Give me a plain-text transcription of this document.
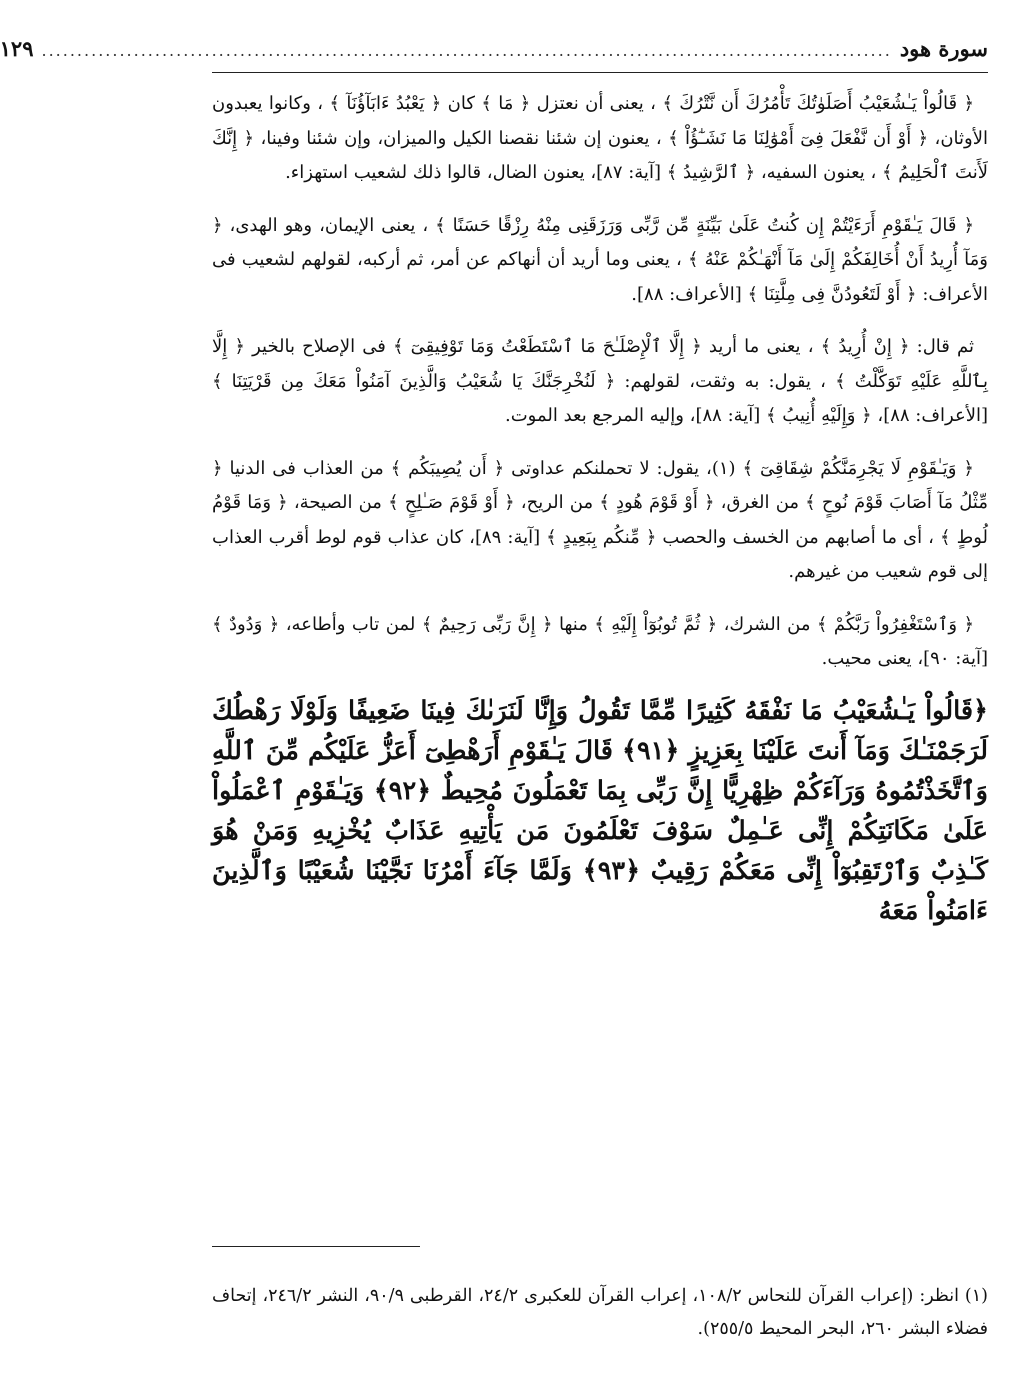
سورة هود
........................................................................................................................
١٢٩

﴿ قَالُواْ يَـٰشُعَيْبُ أَصَلَوٰتُكَ تَأْمُرُكَ أَن نَّتْرُكَ ﴾ ، يعنى أن نعتزل ﴿ مَا ﴾ كان ﴿ يَعْبُدُ ءَابَآؤُنَآ ﴾ ، وكانوا يعبدون الأوثان، ﴿ أَوْ أَن نَّفْعَلَ فِىٓ أَمْوَٰلِنَا مَا نَشَـٰٓؤُاْ ﴾ ، يعنون إن شئنا نقصنا الكيل والميزان، وإن شئنا وفينا، ﴿ إِنَّكَ لَأَنتَ ٱلْحَلِيمُ ﴾ ، يعنون السفيه، ﴿ ٱلرَّشِيدُ ﴾ [آية: ٨٧]، يعنون الضال، قالوا ذلك لشعيب استهزاء.

﴿ قَالَ يَـٰقَوْمِ أَرَءَيْتُمْ إِن كُنتُ عَلَىٰ بَيِّنَةٍ مِّن رَّبِّى وَرَزَقَنِى مِنْهُ رِزْقًا حَسَنًا ﴾ ، يعنى الإيمان، وهو الهدى، ﴿ وَمَآ أُرِيدُ أَنْ أُخَالِفَكُمْ إِلَىٰ مَآ أَنْهَـٰكُمْ عَنْهُ ﴾ ، يعنى وما أريد أن أنهاكم عن أمر، ثم أركبه، لقولهم لشعيب فى الأعراف: ﴿ أَوْ لَتَعُودُنَّ فِى مِلَّتِنَا ﴾ [الأعراف: ٨٨].

ثم قال: ﴿ إِنْ أُرِيدُ ﴾ ، يعنى ما أريد ﴿ إِلَّا ٱلْإِصْلَـٰحَ مَا ٱسْتَطَعْتُ وَمَا تَوْفِيقِىٓ ﴾ فى الإصلاح بالخير ﴿ إِلَّا بِٱللَّهِ عَلَيْهِ تَوَكَّلْتُ ﴾ ، يقول: به وثقت، لقولهم: ﴿ لَنُخْرِجَنَّكَ يَا شُعَيْبُ وَالَّذِينَ آمَنُواْ مَعَكَ مِن قَرْيَتِنَا ﴾ [الأعراف: ٨٨]، ﴿ وَإِلَيْهِ أُنِيبُ ﴾ [آية: ٨٨]، وإليه المرجع بعد الموت.

﴿ وَيَـٰقَوْمِ لَا يَجْرِمَنَّكُمْ شِقَاقِىٓ ﴾ (١)، يقول: لا تحملنكم عداوتى ﴿ أَن يُصِيبَكُم ﴾ من العذاب فى الدنيا ﴿ مِّثْلُ مَآ أَصَابَ قَوْمَ نُوحٍ ﴾ من الغرق، ﴿ أَوْ قَوْمَ هُودٍ ﴾ من الريح، ﴿ أَوْ قَوْمَ صَـٰلِحٍ ﴾ من الصيحة، ﴿ وَمَا قَوْمُ لُوطٍ ﴾ ، أى ما أصابهم من الخسف والحصب ﴿ مِّنكُم بِبَعِيدٍ ﴾ [آية: ٨٩]، كان عذاب قوم لوط أقرب العذاب إلى قوم شعيب من غيرهم.

﴿ وَٱسْتَغْفِرُواْ رَبَّكُمْ ﴾ من الشرك، ﴿ ثُمَّ تُوبُوٓاْ إِلَيْهِ ﴾ منها ﴿ إِنَّ رَبِّى رَحِيمٌ ﴾ لمن تاب وأطاعه، ﴿ وَدُودٌ ﴾ [آية: ٩٠]، يعنى محيب.

﴿قَالُواْ يَـٰشُعَيْبُ مَا نَفْقَهُ كَثِيرًا مِّمَّا تَقُولُ وَإِنَّا لَنَرَىٰكَ فِينَا ضَعِيفًا وَلَوْلَا رَهْطُكَ لَرَجَمْنَـٰكَ وَمَآ أَنتَ عَلَيْنَا بِعَزِيزٍ ﴿٩١﴾ قَالَ يَـٰقَوْمِ أَرَهْطِىٓ أَعَزُّ عَلَيْكُم مِّنَ ٱللَّهِ وَٱتَّخَذْتُمُوهُ وَرَآءَكُمْ ظِهْرِيًّا إِنَّ رَبِّى بِمَا تَعْمَلُونَ مُحِيطٌ ﴿٩٢﴾ وَيَـٰقَوْمِ ٱعْمَلُواْ عَلَىٰ مَكَانَتِكُمْ إِنِّى عَـٰمِلٌ سَوْفَ تَعْلَمُونَ مَن يَأْتِيهِ عَذَابٌ يُخْزِيهِ وَمَنْ هُوَ كَـٰذِبٌ وَٱرْتَقِبُوٓاْ إِنِّى مَعَكُمْ رَقِيبٌ ﴿٩٣﴾ وَلَمَّا جَآءَ أَمْرُنَا نَجَّيْنَا شُعَيْبًا وَٱلَّذِينَ ءَامَنُواْ مَعَهُ

(١) انظر: (إعراب القرآن للنحاس ١٠٨/٢، إعراب القرآن للعكبرى ٢٤/٢، القرطبى ٩٠/٩، النشر ٢٤٦/٢، إتحاف فضلاء البشر ٢٦٠، البحر المحيط ٢٥٥/٥).
